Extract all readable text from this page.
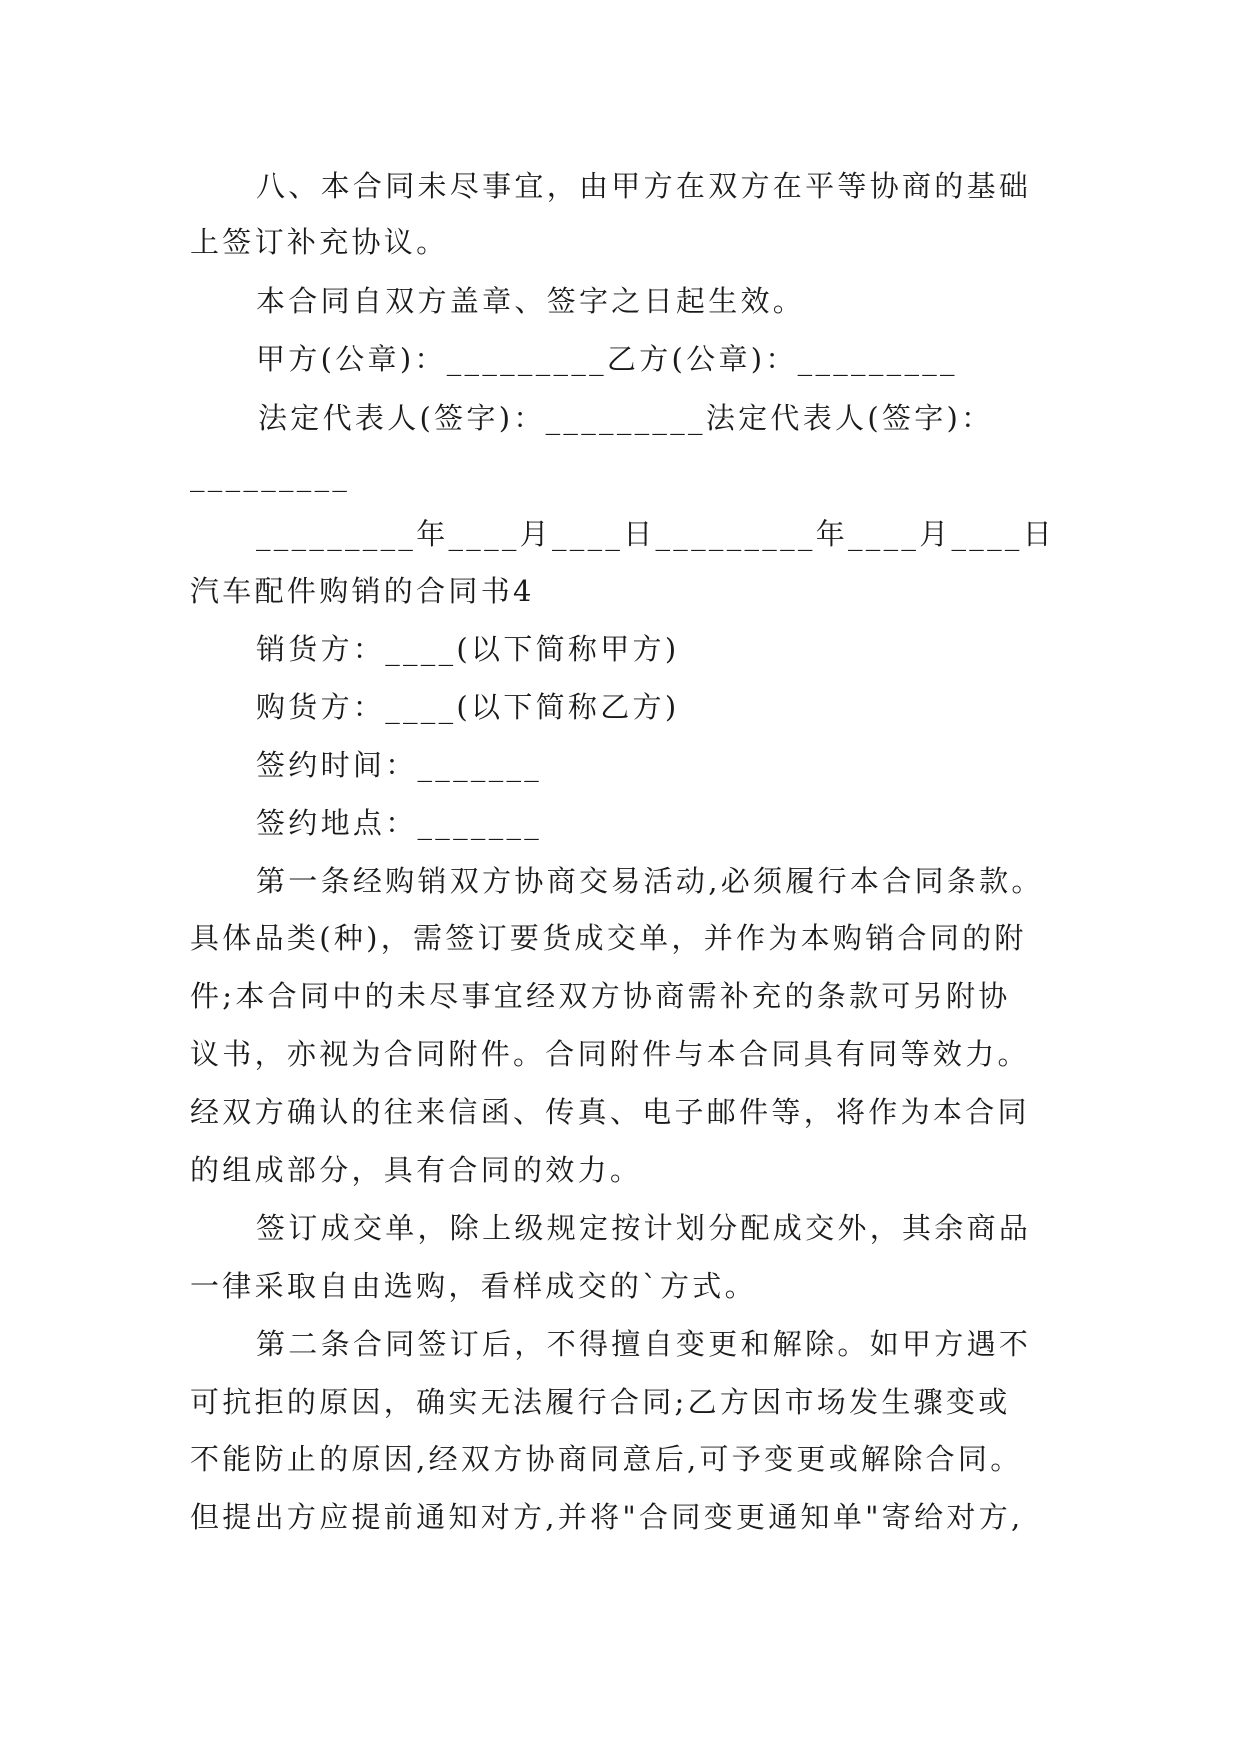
八、本合同未尽事宜，由甲方在双方在平等协商的基础

上签订补充协议。

本合同自双方盖章、签字之日起生效。

甲方(公章)：_________乙方(公章)：_________

法定代表人(签字)：_________法定代表人(签字)：

_________

_________年____月____日_________年____月____日

汽车配件购销的合同书4

销货方：____(以下简称甲方)

购货方：____(以下简称乙方)

签约时间：_______

签约地点：_______

第一条经购销双方协商交易活动,必须履行本合同条款。

具体品类(种)，需签订要货成交单，并作为本购销合同的附

件;本合同中的未尽事宜经双方协商需补充的条款可另附协

议书，亦视为合同附件。合同附件与本合同具有同等效力。

经双方确认的往来信函、传真、电子邮件等，将作为本合同

的组成部分，具有合同的效力。

签订成交单，除上级规定按计划分配成交外，其余商品

一律采取自由选购，看样成交的`方式。

第二条合同签订后，不得擅自变更和解除。如甲方遇不

可抗拒的原因，确实无法履行合同;乙方因市场发生骤变或

不能防止的原因,经双方协商同意后,可予变更或解除合同。

但提出方应提前通知对方,并将"合同变更通知单"寄给对方,
